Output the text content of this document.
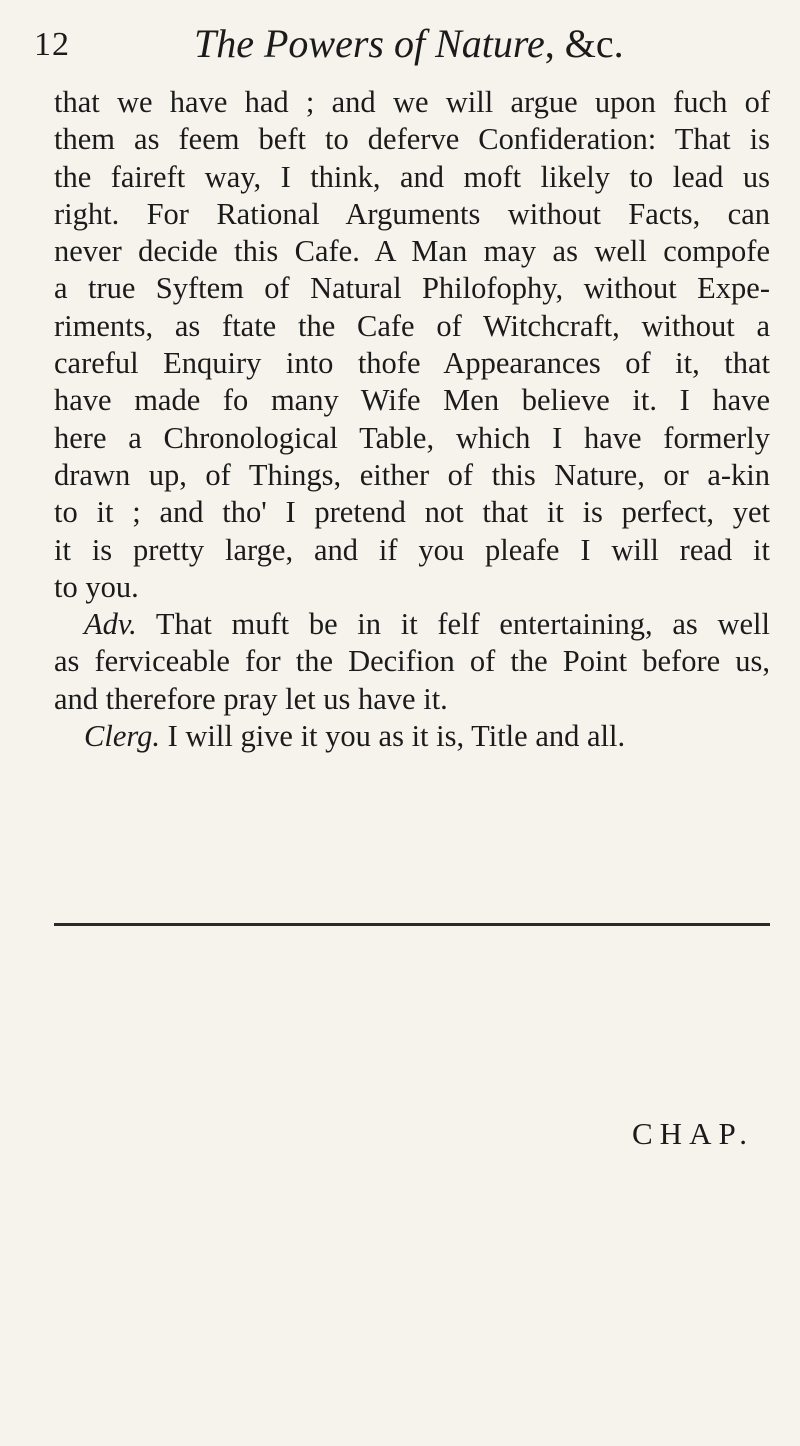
12	The Powers of Nature, &c.
that we have had ; and we will argue upon fuch of
them as feem beft to deferve Confideration: That is
the faireft way, I think, and moft likely to lead us
right. For Rational Arguments without Facts, can
never decide this Cafe. A Man may as well compofe
a true Syftem of Natural Philofophy, without Expe-
riments, as ftate the Cafe of Witchcraft, without a
careful Enquiry into thofe Appearances of it, that
have made fo many Wife Men believe it. I have
here a Chronological Table, which I have formerly
drawn up, of Things, either of this Nature, or a-kin
to it ; and tho' I pretend not that it is perfect, yet
it is pretty large, and if you pleafe I will read it
to you.
Adv. That muft be in it felf entertaining, as well
as ferviceable for the Decifion of the Point before us,
and therefore pray let us have it.
Clerg. I will give it you as it is, Title and all.
CHAP.
